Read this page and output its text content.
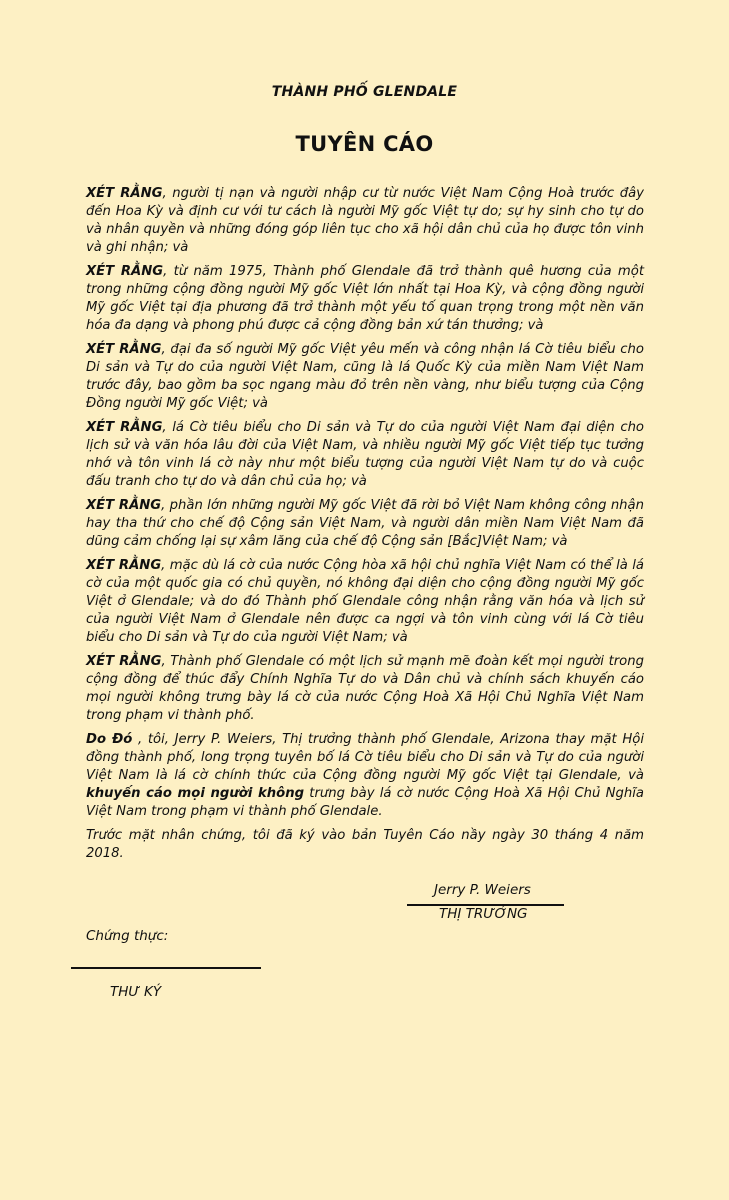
THÀNH PHỐ GLENDALE
TUYÊN CÁO

XÉT RẰNG, người tị nạn và người nhập cư từ nước Việt Nam Cộng Hoà trước đây đến Hoa Kỳ và định cư với tư cách là người Mỹ gốc Việt tự do; sự hy sinh cho tự do và nhân quyền và những đóng góp liên tục cho xã hội dân chủ của họ được tôn vinh và ghi nhận; và

XÉT RẰNG, từ năm 1975, Thành phố Glendale đã trở thành quê hương của một trong những cộng đồng người Mỹ gốc Việt lớn nhất tại Hoa Kỳ, và cộng đồng người Mỹ gốc Việt tại địa phương đã trở thành một yếu tố quan trọng trong một nền văn hóa đa dạng và phong phú được cả cộng đồng bản xứ tán thưởng; và

XÉT RẰNG, đại đa số người Mỹ gốc Việt yêu mến và công nhận lá Cờ tiêu biểu cho Di sản và Tự do của người Việt Nam, cũng là lá Quốc Kỳ của miền Nam Việt Nam trước đây, bao gồm ba sọc ngang màu đỏ trên nền vàng, như biểu tượng của Cộng Đồng người Mỹ gốc Việt; và

XÉT RẰNG, lá Cờ tiêu biểu cho Di sản và Tự do của người Việt Nam đại diện cho lịch sử và văn hóa lâu đời của Việt Nam, và nhiều người Mỹ gốc Việt tiếp tục tưởng nhớ và tôn vinh lá cờ này như một biểu tượng của người Việt Nam tự do và cuộc đấu tranh cho tự do và dân chủ của họ; và

XÉT RẰNG, phần lớn những người Mỹ gốc Việt đã rời bỏ Việt Nam không công nhận hay tha thứ cho chế độ Cộng sản Việt Nam, và người dân miền Nam Việt Nam đã dũng cảm chống lại sự xâm lăng của chế độ Cộng sản [Bắc]Việt Nam; và

XÉT RẰNG, mặc dù lá cờ của nước Cộng hòa xã hội chủ nghĩa Việt Nam có thể là lá cờ của một quốc gia có chủ quyền, nó không đại diện cho cộng đồng người Mỹ gốc Việt ở Glendale; và do đó Thành phố Glendale công nhận rằng văn hóa và lịch sử của người Việt Nam ở Glendale nên được ca ngợi và tôn vinh cùng với lá Cờ tiêu biểu cho Di sản và Tự do của người Việt Nam; và

XÉT RẰNG, Thành phố Glendale có một lịch sử mạnh mẽ đoàn kết mọi người trong cộng đồng để thúc đẩy Chính Nghĩa Tự do và Dân chủ và chính sách khuyến cáo mọi người không trưng bày lá cờ của nước Cộng Hoà Xã Hội Chủ Nghĩa Việt Nam trong phạm vi thành phố.

Do Đó , tôi, Jerry P. Weiers, Thị trưởng thành phố Glendale, Arizona thay mặt Hội đồng thành phố, long trọng tuyên bố lá Cờ tiêu biểu cho Di sản và Tự do của người Việt Nam là lá cờ chính thức của Cộng đồng người Mỹ gốc Việt tại Glendale, và khuyến cáo mọi người không trưng bày lá cờ nước Cộng Hoà Xã Hội Chủ Nghĩa Việt Nam trong phạm vi thành phố Glendale.

Trước mặt nhân chứng, tôi đã ký vào bản Tuyên Cáo nầy ngày 30 tháng 4 năm 2018.

Jerry P. Weiers
THỊ TRƯỞNG
Chứng thực:
THƯ KÝ
